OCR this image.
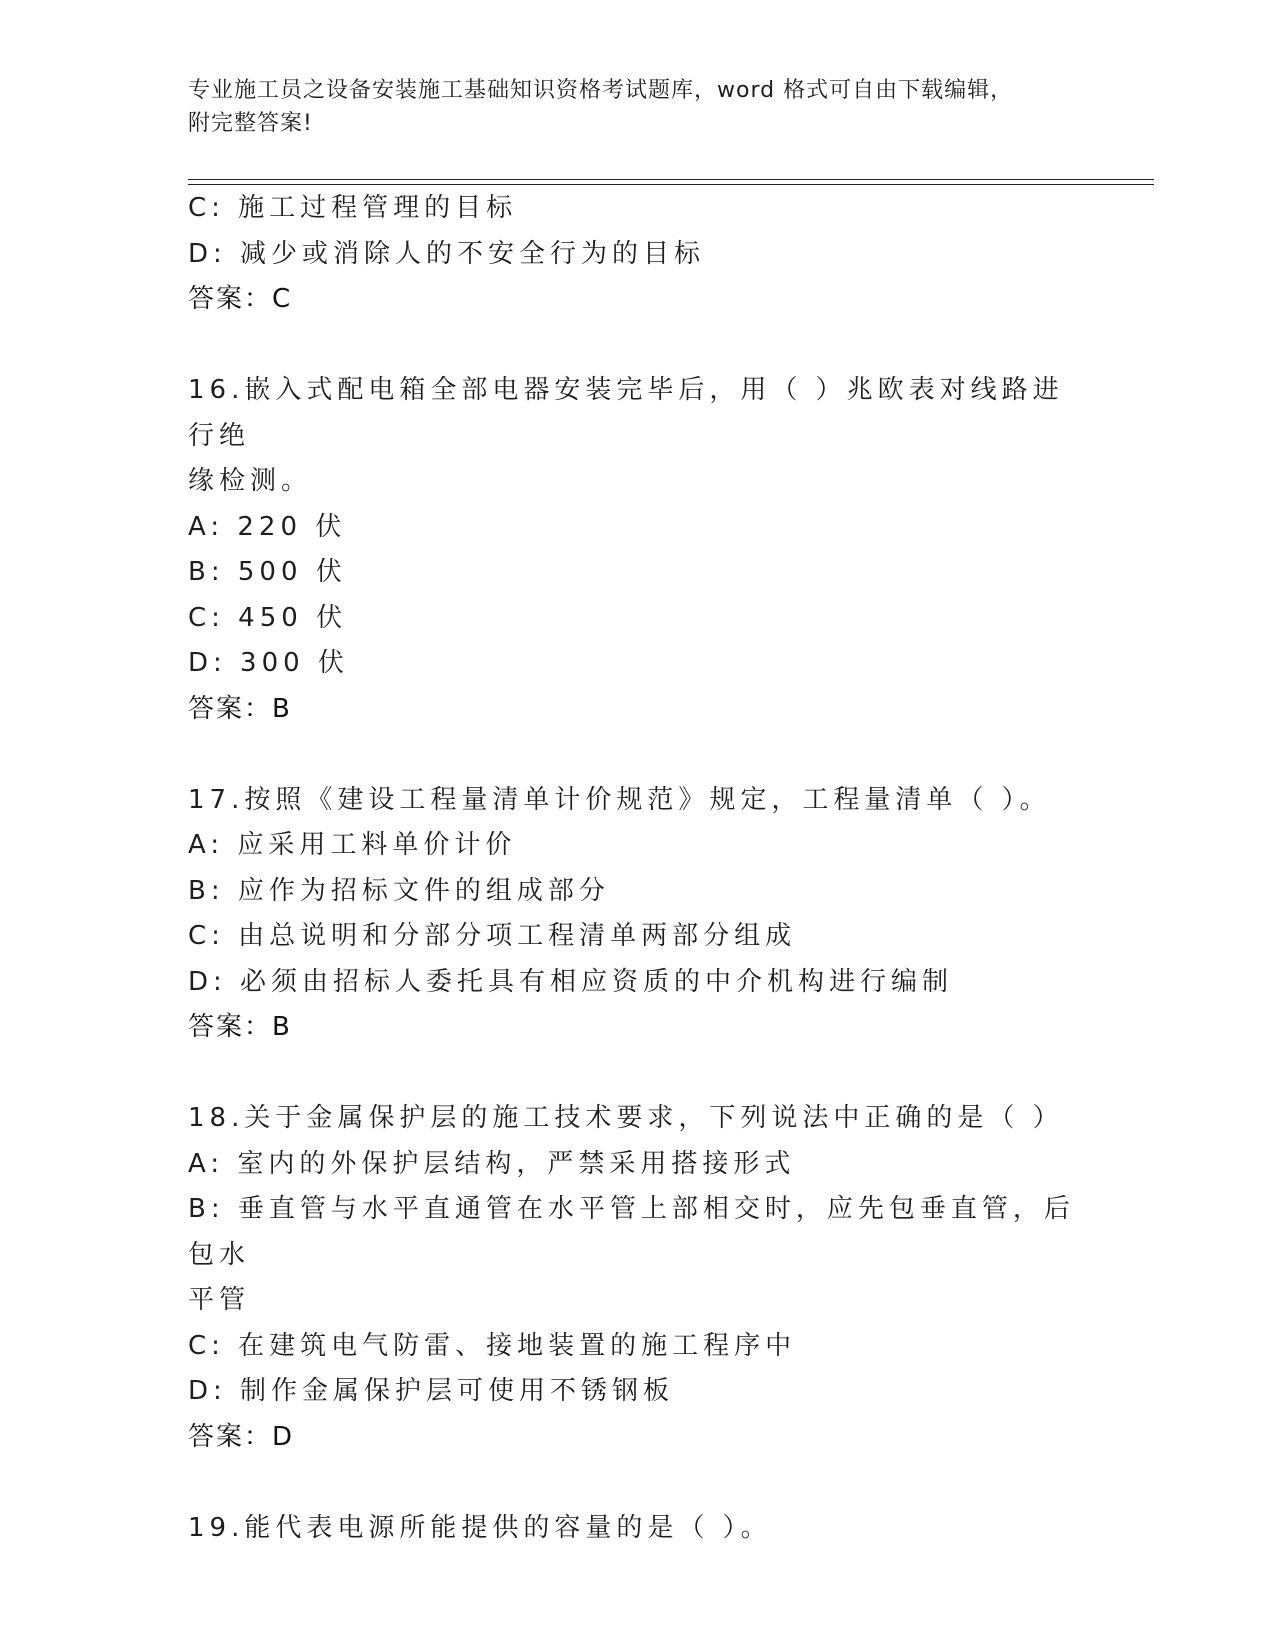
专业施工员之设备安装施工基础知识资格考试题库，word 格式可自由下载编辑，
附完整答案!
C: 施工过程管理的目标
D: 减少或消除人的不安全行为的目标
答案：C
16.嵌入式配电箱全部电器安装完毕后，用（ ）兆欧表对线路进行绝
缘检测。
A: 220 伏
B: 500 伏
C: 450 伏
D: 300 伏
答案：B
17.按照《建设工程量清单计价规范》规定，工程量清单（ ）。
A: 应采用工料单价计价
B: 应作为招标文件的组成部分
C: 由总说明和分部分项工程清单两部分组成
D: 必须由招标人委托具有相应资质的中介机构进行编制
答案：B
18.关于金属保护层的施工技术要求，下列说法中正确的是（ ）
A: 室内的外保护层结构，严禁采用搭接形式
B: 垂直管与水平直通管在水平管上部相交时，应先包垂直管，后包水
平管
C: 在建筑电气防雷、接地装置的施工程序中
D: 制作金属保护层可使用不锈钢板
答案：D
19.能代表电源所能提供的容量的是（ ）。
